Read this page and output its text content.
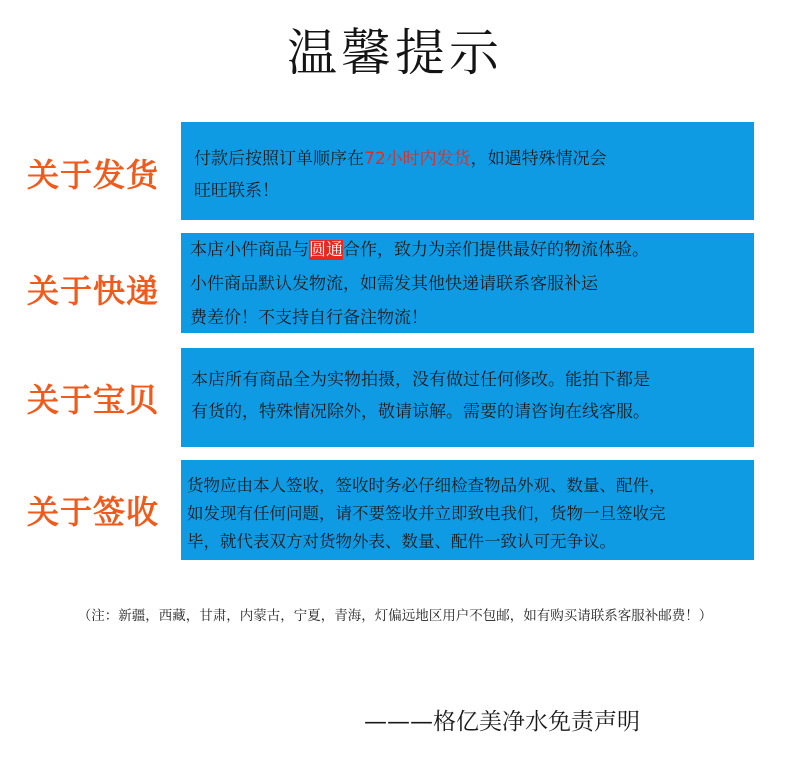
温馨提示
关于发货	付款后按照订单顺序在72小时内发货，如遇特殊情况会
旺旺联系！
关于快递
本店小件商品与圆通合作，致力为亲们提供最好的物流体验。
小件商品默认发物流，如需发其他快递请联系客服补运
费差价！不支持自行备注物流！
关于宝贝
本店所有商品全为实物拍摄，没有做过任何修改。能拍下都是
有货的，特殊情况除外，敬请谅解。需要的请咨询在线客服。
关于签收
货物应由本人签收，签收时务必仔细检查物品外观、数量、配件，
如发现有任何问题，请不要签收并立即致电我们，货物一旦签收完
毕，就代表双方对货物外表、数量、配件一致认可无争议。
（注：新疆，西藏，甘肃，内蒙古，宁夏，青海，灯偏远地区用户不包邮，如有购买请联系客服补邮费！）
———格亿美净水免责声明
